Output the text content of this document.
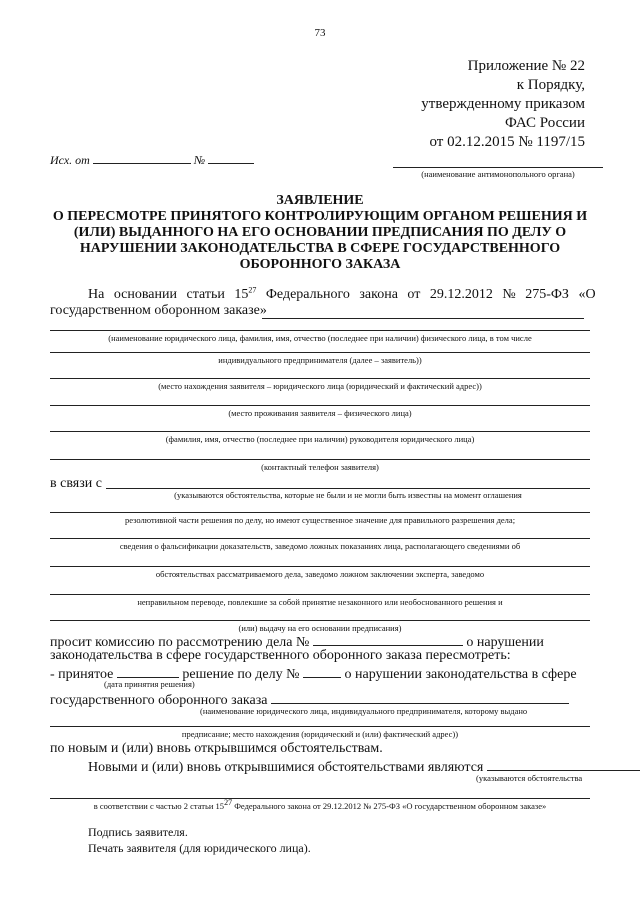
73
Приложение № 22
к Порядку,
утвержденному приказом
ФАС России
от 02.12.2015 № 1197/15
Исх. от	№
(наименование антимонопольного органа)
ЗАЯВЛЕНИЕ
О ПЕРЕСМОТРЕ ПРИНЯТОГО КОНТРОЛИРУЮЩИМ ОРГАНОМ РЕШЕНИЯ И
(ИЛИ) ВЫДАННОГО НА ЕГО ОСНОВАНИИ ПРЕДПИСАНИЯ ПО ДЕЛУ О
НАРУШЕНИИ ЗАКОНОДАТЕЛЬСТВА В СФЕРЕ ГОСУДАРСТВЕННОГО
ОБОРОННОГО ЗАКАЗА
На основании статьи $15^{27}$ Федерального закона от 29.12.2012 № 275-ФЗ «О
государственном оборонном заказе»
(наименование юридического лица, фамилия, имя, отчество (последнее при наличии) физического лица, в том числе
индивидуального предпринимателя (далее – заявитель))
(место нахождения заявителя – юридического лица (юридический и фактический адрес))
(место проживания заявителя – физического лица)
(фамилия, имя, отчество (последнее при наличии) руководителя юридического лица)
(контактный телефон заявителя)
в связи с
(указываются обстоятельства, которые не были и не могли быть известны на момент оглашения
резолютивной части решения по делу, но имеют существенное значение для правильного разрешения дела;
сведения о фальсификации доказательств, заведомо ложных показаниях лица, располагающего сведениями об
обстоятельствах рассматриваемого дела, заведомо ложном заключении эксперта, заведомо
неправильном переводе, повлекшие за собой принятие незаконного или необоснованного решения и
(или) выдачу на его основании предписания)
просит комиссию по рассмотрению дела №	о нарушении
законодательства в сфере государственного оборонного заказа пересмотреть:
- принятое	решение по делу №	о нарушении законодательства в сфере
(дата принятия решения)
государственного оборонного заказа
(наименование юридического лица, индивидуального предпринимателя, которому выдано
предписание; место нахождения (юридический и (или) фактический адрес))
по новым и (или) вновь открывшимся обстоятельствам.
Новыми и (или) вновь открывшимися обстоятельствами являются
(указываются обстоятельства
в соответствии с частью 2 статьи $15^{27}$ Федерального закона от 29.12.2012 № 275-ФЗ «О государственном оборонном заказе»
Подпись заявителя.
Печать заявителя (для юридического лица).
